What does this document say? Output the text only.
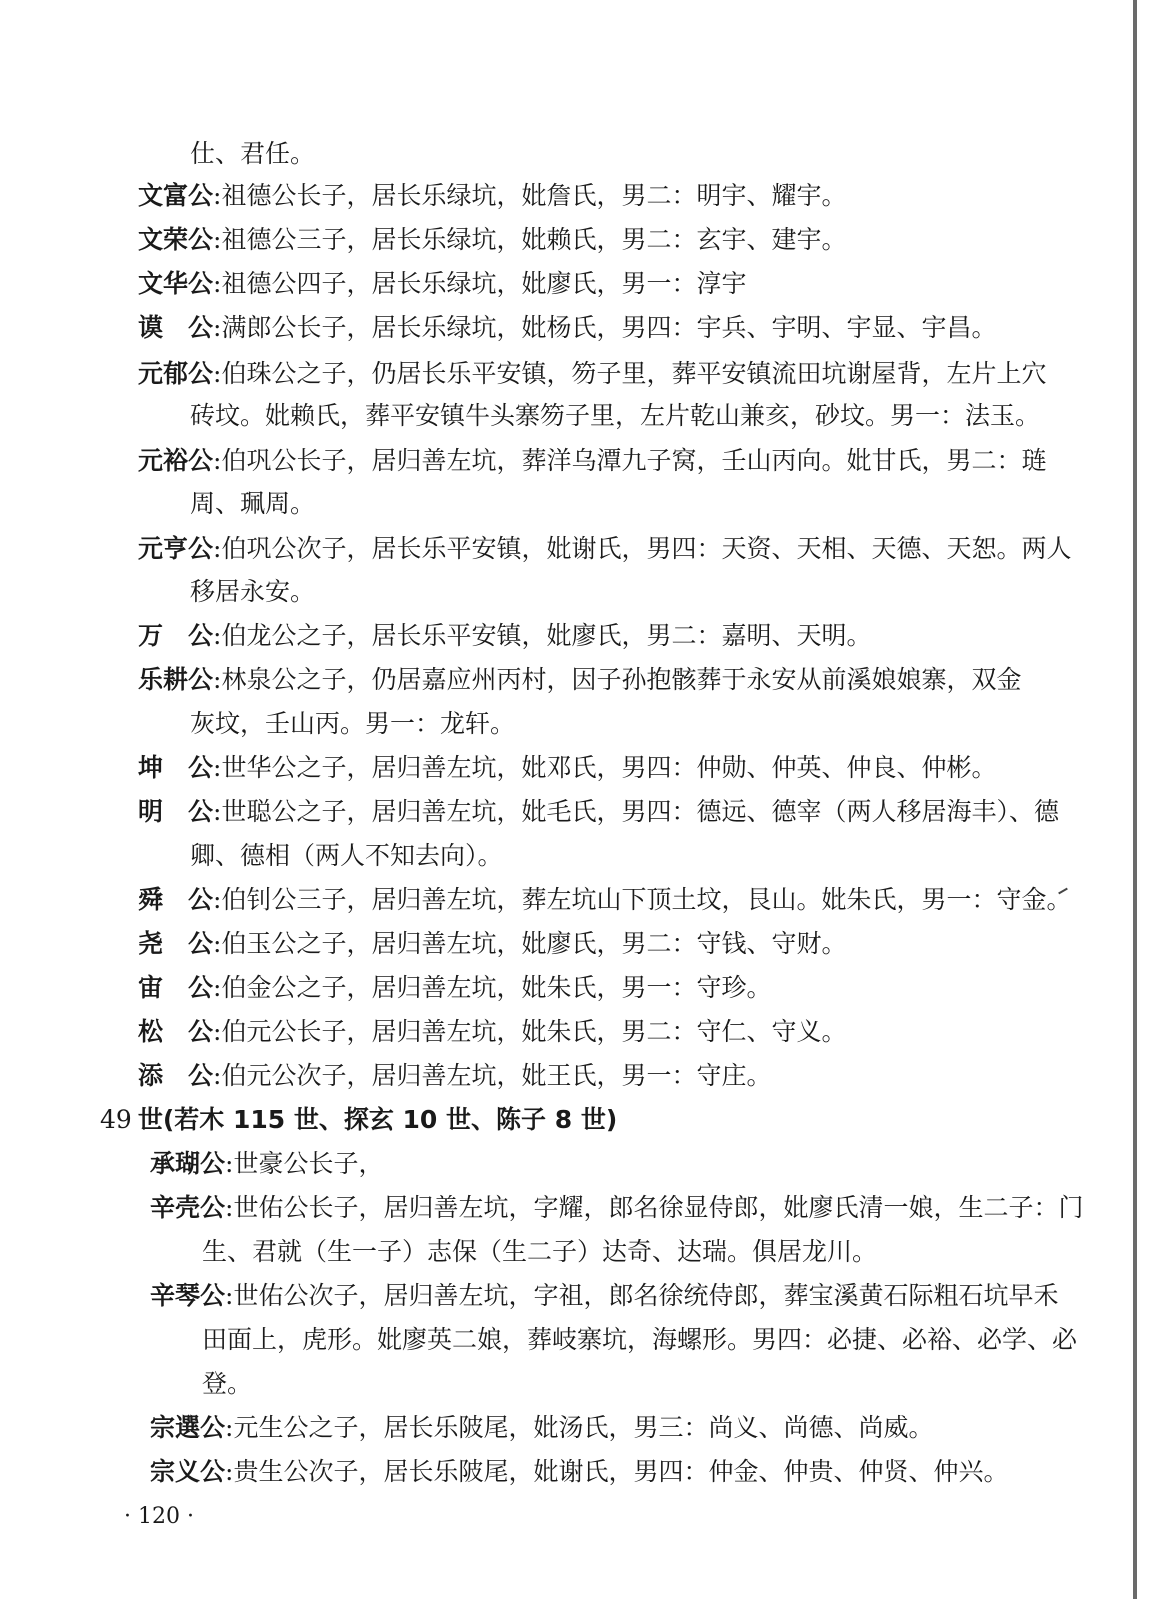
仕、君任。
文富公:祖德公长子，居长乐绿坑，妣詹氏，男二：明宇、耀宇。
文荣公:祖德公三子，居长乐绿坑，妣赖氏，男二：玄宇、建宇。
文华公:祖德公四子，居长乐绿坑，妣廖氏，男一：淳宇
谟　公:满郎公长子，居长乐绿坑，妣杨氏，男四：宇兵、宇明、宇显、宇昌。
元郁公:伯珠公之子，仍居长乐平安镇，笏子里，葬平安镇流田坑谢屋背，左片上穴
砖坟。妣赖氏，葬平安镇牛头寨笏子里，左片乾山兼亥，砂坟。男一：法玉。
元裕公:伯巩公长子，居归善左坑，葬洋乌潭九子窝，壬山丙向。妣甘氏，男二：琏
周、珮周。
元亨公:伯巩公次子，居长乐平安镇，妣谢氏，男四：天资、天相、天德、天恕。两人
移居永安。
万　公:伯龙公之子，居长乐平安镇，妣廖氏，男二：嘉明、天明。
乐耕公:林泉公之子，仍居嘉应州丙村，因子孙抱骸葬于永安从前溪娘娘寨，双金
灰坟，壬山丙。男一：龙轩。
坤　公:世华公之子，居归善左坑，妣邓氏，男四：仲勋、仲英、仲良、仲彬。
明　公:世聪公之子，居归善左坑，妣毛氏，男四：德远、德宰（两人移居海丰）、德
卿、德相（两人不知去向）。
舜　公:伯钊公三子，居归善左坑，葬左坑山下顶土坟，艮山。妣朱氏，男一：守金。
尧　公:伯玉公之子，居归善左坑，妣廖氏，男二：守钱、守财。
宙　公:伯金公之子，居归善左坑，妣朱氏，男一：守珍。
松　公:伯元公长子，居归善左坑，妣朱氏，男二：守仁、守义。
添　公:伯元公次子，居归善左坑，妣王氏，男一：守庄。
49 世(若木 115 世、探玄 10 世、陈子 8 世)
承瑚公:世豪公长子，
辛壳公:世佑公长子，居归善左坑，字耀，郎名徐显侍郎，妣廖氏清一娘，生二子：门
生、君就（生一子）志保（生二子）达奇、达瑞。俱居龙川。
辛琴公:世佑公次子，居归善左坑，字祖，郎名徐统侍郎，葬宝溪黄石际粗石坑早禾
田面上，虎形。妣廖英二娘，葬岐寨坑，海螺形。男四：必捷、必裕、必学、必
登。
宗選公:元生公之子，居长乐陂尾，妣汤氏，男三：尚义、尚德、尚威。
宗义公:贵生公次子，居长乐陂尾，妣谢氏，男四：仲金、仲贵、仲贤、仲兴。
· 120 ·
